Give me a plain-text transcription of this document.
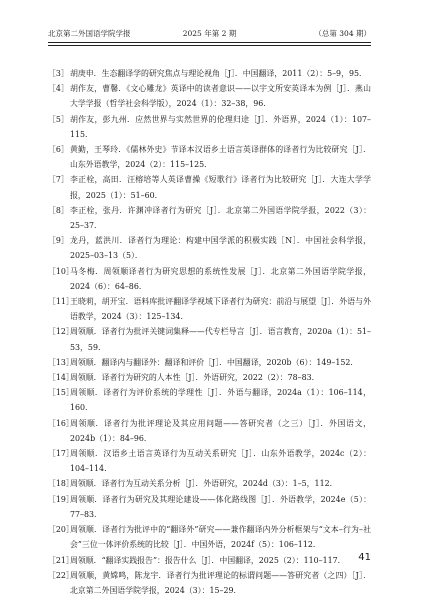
北京第二外国语学院学报	2025 年第 2 期	（总第 304 期）

［3］ 胡庚申．生态翻译学的研究焦点与理论视角［J］．中国翻译，2011（2）：5–9，95．

［4］ 胡作友，曹馨．《文心雕龙》英译中的读者意识——以宇文所安英译本为例［J］．燕山大学学报（哲学社会科学版），2024（1）：32–38，96．

［5］ 胡作友，彭九州．应然世界与实然世界的伦理归途［J］．外语界，2024（1）：107–115．

［6］ 黄勤，王琴玲．《儒林外史》节译本汉语乡土语言英译群体的译者行为比较研究［J］．山东外语教学，2024（2）：115–125．

［7］ 李正栓，高田．汪榕培等人英译曹操《短歌行》译者行为比较研究［J］．大连大学学报，2025（1）：51–60．

［8］ 李正栓，张丹．许渊冲译者行为研究［J］．北京第二外国语学院学报，2022（3）：25–37．

［9］ 龙丹，蓝洪川．译者行为理论：构建中国学派的积极实践［N］．中国社会科学报，2025–03–13（5）．

［10］
马冬梅．周领顺译者行为研究思想的系统性发展［J］．北京第二外国语学院学报，2024（6）：64–86．

［11］
王晓莉，胡开宝．语料库批评翻译学视域下译者行为研究：前沿与展望［J］．外语与外语教学，2024（3）：125–134．

［12］
周领顺．译者行为批评关键词集释——代专栏导言［J］．语言教育，2020a（1）：51–53，59．

［13］
周领顺．翻译内与翻译外：翻译和评价［J］．中国翻译，2020b（6）：149–152．

［14］
周领顺．译者行为研究的人本性［J］．外语研究，2022（2）：78–83．

［15］
周领顺．译者行为评价系统的学理性［J］．外语与翻译，2024a（1）：106–114，160．

［16］
周领顺．译者行为批评理论及其应用问题——答研究者（之三）［J］．外国语文，2024b（1）：84–96．

［17］
周领顺．汉语乡土语言英译行为互动关系研究［J］．山东外语教学，2024c（2）：104–114．

［18］
周领顺．译者行为互动关系分析［J］．外语研究，2024d（3）：1–5，112．

［19］
周领顺．译者行为研究及其理论建设——体化路线图［J］．外语教学，2024e（5）：77–83．

［20］
周领顺．译者行为批评中的“翻译外”研究——兼作翻译内外分析框架与“文本–行为–社会”三位一体评价系统的比较［J］．中国外语，2024f（5）：106–112．

［21］
周领顺．“翻译实践报告”：报告什么［J］．中国翻译，2025（2）：110–117．

［22］
周领顺，黄嫦鸣，陈龙宇．译者行为批评理论的标谓问题——答研究者（之四）［J］．北京第二外国语学院学报，2024（3）：15–29．

41
